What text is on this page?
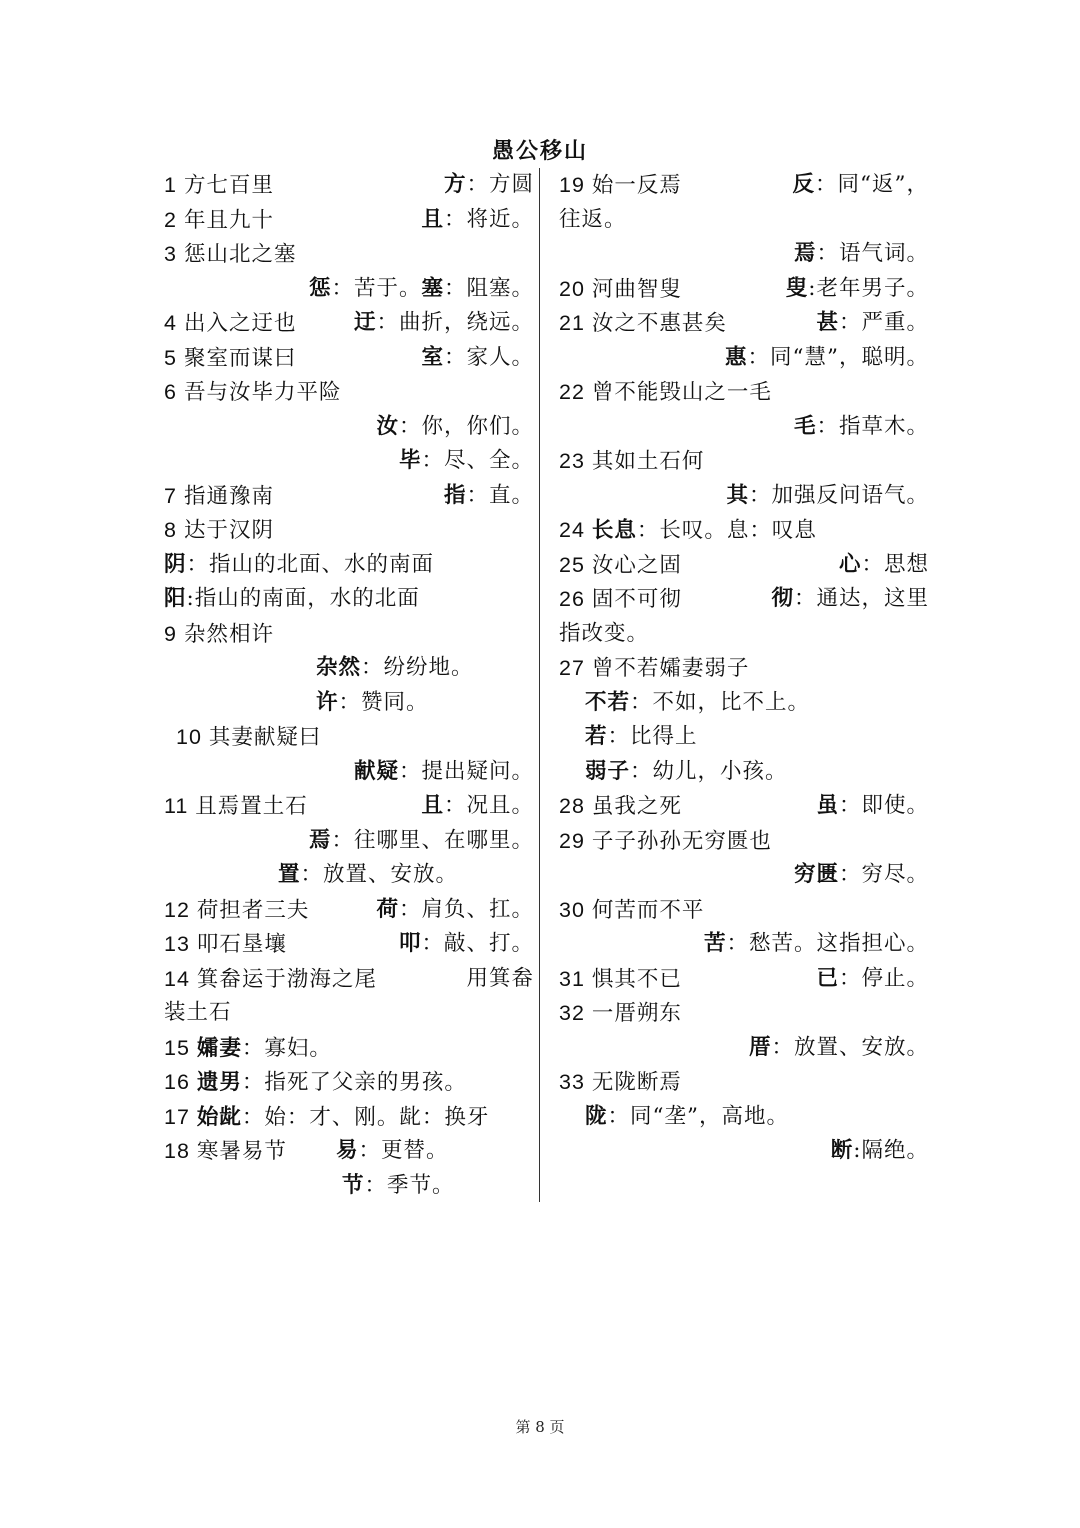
愚公移山
1 方七百里	方：方圆
2 年且九十	且：将近。
3 惩山北之塞
惩：苦于。塞：阻塞。
4 出入之迂也	迂：曲折，绕远。
5 聚室而谋曰	室：家人。
6 吾与汝毕力平险
汝：你，你们。
毕：尽、全。
7 指通豫南	指：直。
8 达于汉阴
阴：指山的北面、水的南面
阳:指山的南面，水的北面
9 杂然相许
杂然：纷纷地。
许：赞同。
10 其妻献疑曰
献疑：提出疑问。
11 且焉置土石	且：况且。
焉：往哪里、在哪里。
置：放置、安放。
12 荷担者三夫	荷：肩负、扛。
13 叩石垦壤	叩：敲、打。
14 箕畚运于渤海之尾	用箕畚
装土石
15 孀妻：寡妇。
16 遗男：指死了父亲的男孩。
17 始龀：始：才、刚。龀：换牙
18 寒暑易节 易：更替。
节：季节。
19 始一反焉	反：同“返”，
往返。
焉：语气词。
20 河曲智叟	叟:老年男子。
21 汝之不惠甚矣	甚：严重。
惠：同“慧”，聪明。
22 曾不能毁山之一毛
毛：指草木。
23 其如土石何
其：加强反问语气。
24 长息：长叹。息：叹息
25 汝心之固	心：思想
26 固不可彻	彻：通达，这里
指改变。
27 曾不若孀妻弱子
不若：不如，比不上。
若：比得上
弱子：幼儿，小孩。
28 虽我之死	虽：即使。
29 子子孙孙无穷匮也
穷匮：穷尽。
30 何苦而不平
苦：愁苦。这指担心。
31 惧其不已	已：停止。
32 一厝朔东
厝：放置、安放。
33 无陇断焉
陇：同“垄”，高地。
断:隔绝。
第 8 页
